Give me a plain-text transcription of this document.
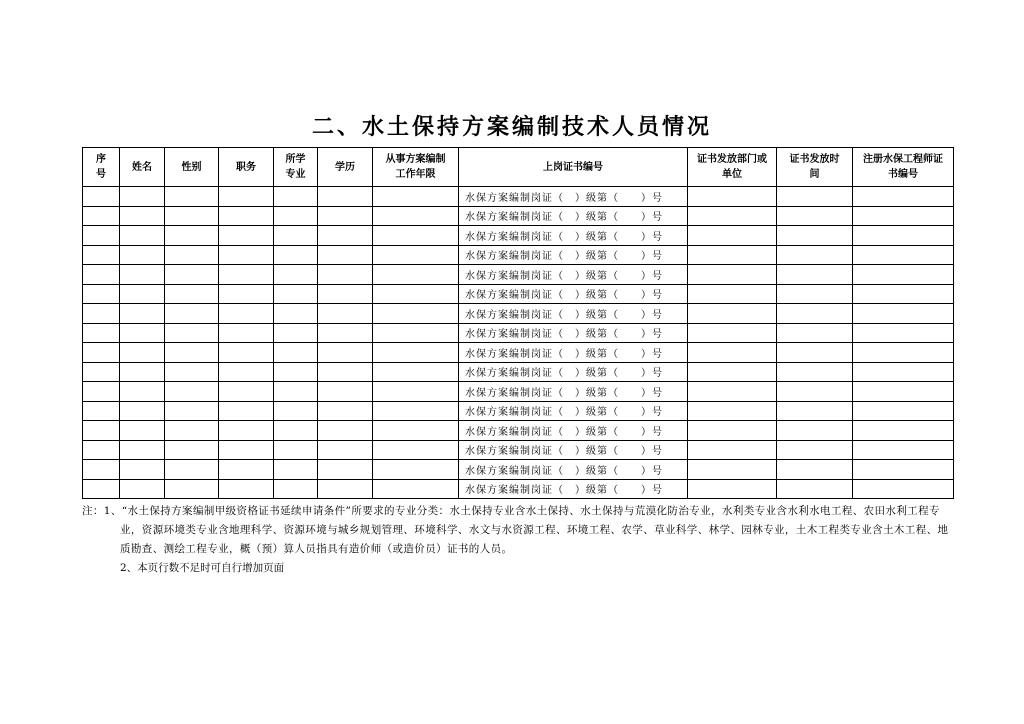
二、水土保持方案编制技术人员情况
序号	姓名	性别	职务	所学专业	学历	从事方案编制工作年限	上岗证书编号	证书发放部门或单位	证书发放时间	注册水保工程师证书编号
							水保方案编制岗证（　）级第（　　）号			
							水保方案编制岗证（　）级第（　　）号			
							水保方案编制岗证（　）级第（　　）号			
							水保方案编制岗证（　）级第（　　）号			
							水保方案编制岗证（　）级第（　　）号			
							水保方案编制岗证（　）级第（　　）号			
							水保方案编制岗证（　）级第（　　）号			
							水保方案编制岗证（　）级第（　　）号			
							水保方案编制岗证（　）级第（　　）号			
							水保方案编制岗证（　）级第（　　）号			
							水保方案编制岗证（　）级第（　　）号			
							水保方案编制岗证（　）级第（　　）号			
							水保方案编制岗证（　）级第（　　）号			
							水保方案编制岗证（　）级第（　　）号			
							水保方案编制岗证（　）级第（　　）号			
							水保方案编制岗证（　）级第（　　）号			
注：1、“水土保持方案编制甲级资格证书延续申请条件”所要求的专业分类：水土保持专业含水土保持、水土保持与荒漠化防治专业，水利类专业含水利水电工程、农田水利工程专业，资源环境类专业含地理科学、资源环境与城乡规划管理、环境科学、水文与水资源工程、环境工程、农学、草业科学、林学、园林专业，土木工程类专业含土木工程、地质勘查、测绘工程专业，概（预）算人员指具有造价师（或造价员）证书的人员。
2、本页行数不足时可自行增加页面
